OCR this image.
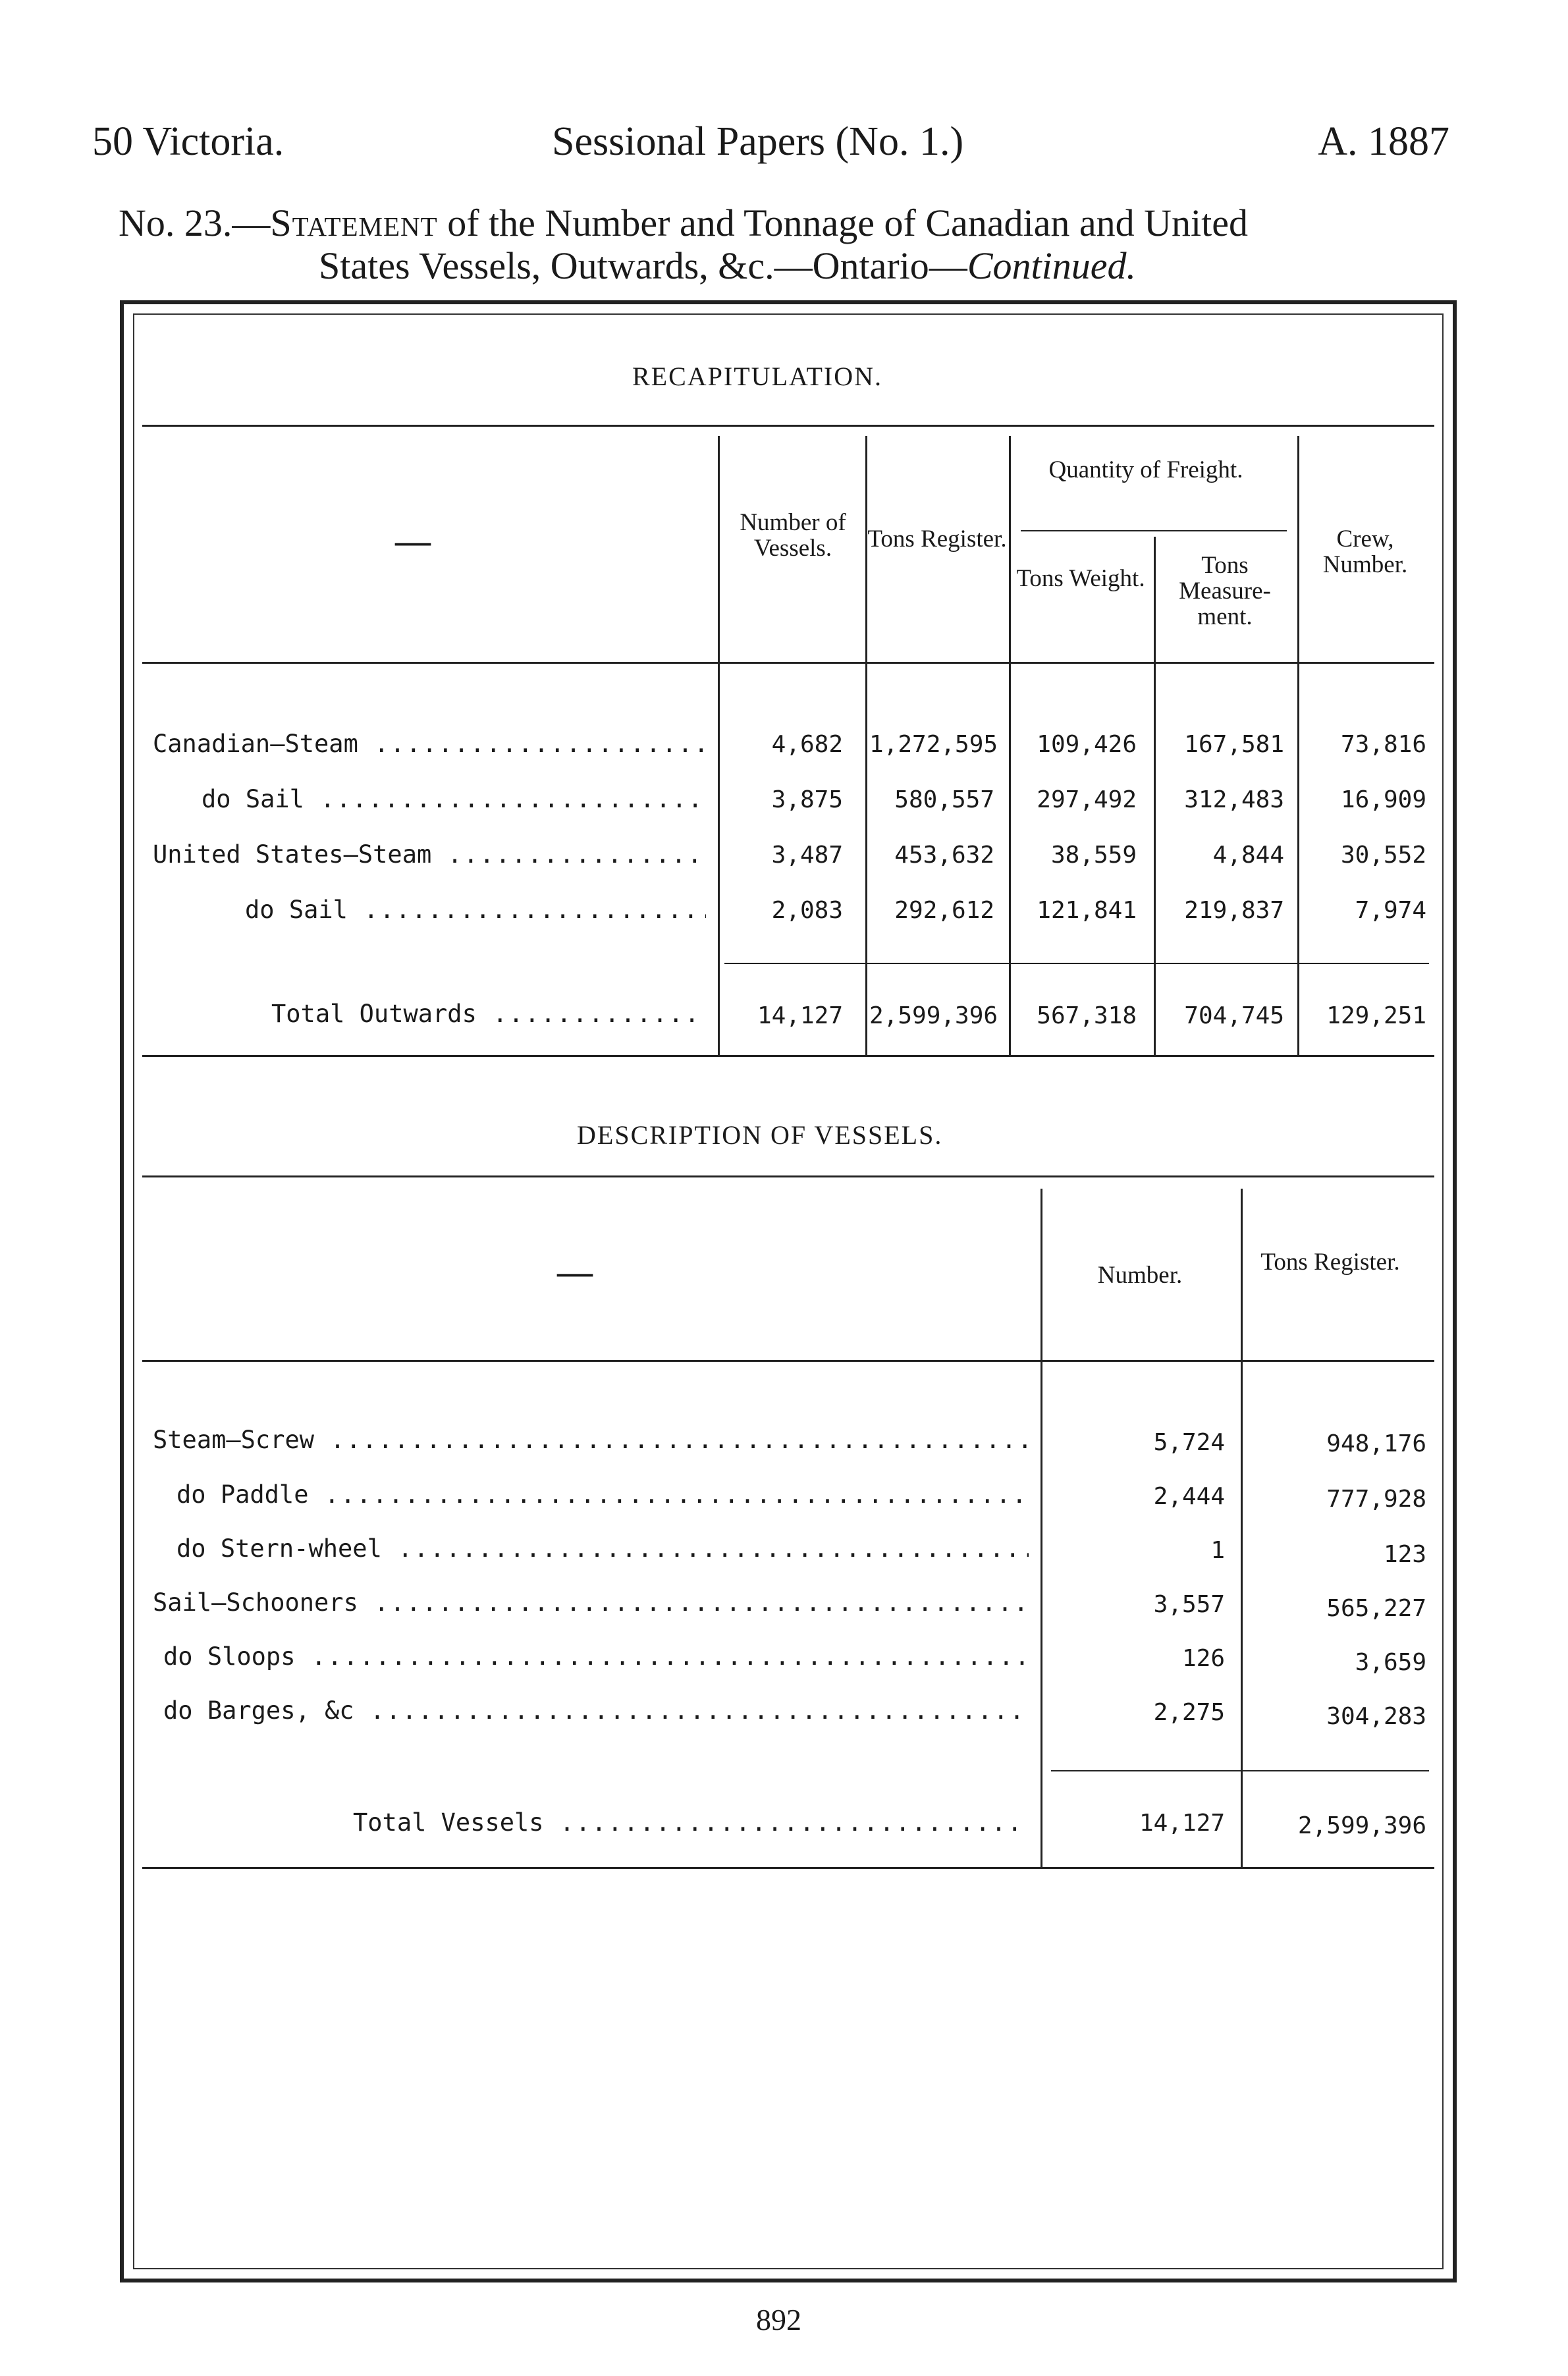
50 Victoria.	Sessional Papers (No. 1.)	A. 1887
No. 23.—Statement of the Number and Tonnage of Canadian and United
States Vessels, Outwards, &c.—Ontario—Continued.
RECAPITULATION.
—	Number of Vessels.	Tons Register.
Quantity of Freight.
Tons Weight.	Tons Measure-ment.
Crew, Number.
Canadian—Steam .....	4,682 1,272,595	109,426	167,581	73,816
do Sail .....	3,875	580,557	297,492	312,483	16,909
United States—Steam .....	3,487	453,632	38,559	4,844	30,552
do Sail .....	2,083	292,612	121,841	219,837	7,974
Total Outwards .....	14,127 2,599,396	567,318	704,745	129,251
DESCRIPTION OF VESSELS.
—	Number.	Tons Register.
Steam—Screw .....	5,724	948,176
do Paddle .....	2,444	777,928
do Stern-wheel .....	1	123
Sail—Schooners .....	3,557	565,227
do Sloops .....	126	3,659
do Barges, &c .....	2,275	304,283
Total Vessels .....	14,127	2,599,396
892
